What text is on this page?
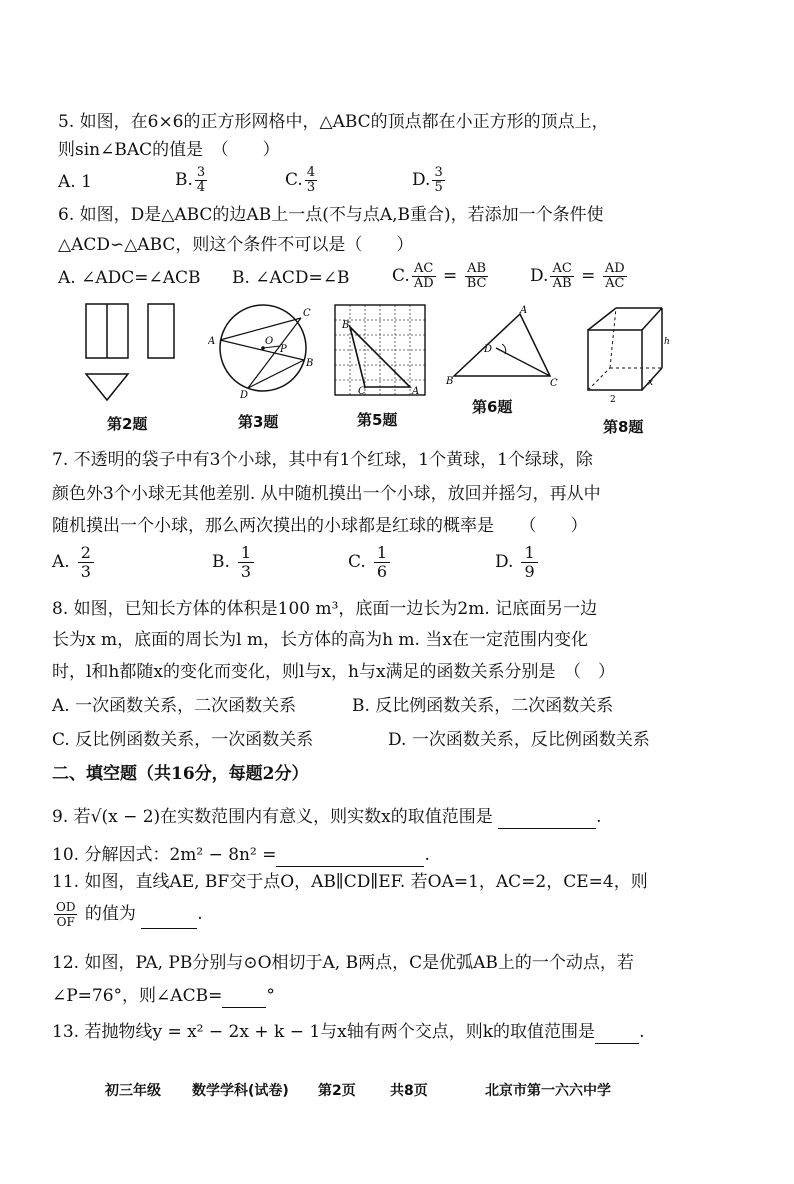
5. 如图，在6×6的正方形网格中，△ABC的顶点都在小正方形的顶点上，
则sin∠BAC的值是　（　　）
A. 1	B. $\frac{3}{4}$	C. $\frac{4}{3}$	D. $\frac{3}{5}$
6. 如图，D是△ABC的边AB上一点(不与点A,B重合)，若添加一个条件使
△ACD∽△ABC，则这个条件不可以是（　　）
A. ∠ADC=∠ACB B. ∠ACD=∠B	C. $\frac{AC}{AD} = \frac{AB}{BC} D$. $\frac{AC}{AB} = \frac{AD}{AC}$
第2题
A
C
B
D
O
P
第3题
B
C	A
第5题
A
B	C
D
第6题
h
x
2
第8题
7. 不透明的袋子中有3个小球，其中有1个红球，1个黄球，1个绿球，除
颜色外3个小球无其他差别. 从中随机摸出一个小球，放回并摇匀，再从中
随机摸出一个小球，那么两次摸出的小球都是红球的概率是　　（　　）
A. $\frac{2}{3}$	B. $\frac{1}{3}$	C. $\frac{1}{6}$	D. $\frac{1}{9}$
8. 如图，已知长方体的体积是100 m³，底面一边长为2m. 记底面另一边
长为x m，底面的周长为l m，长方体的高为h m. 当x在一定范围内变化
时，l和h都随x的变化而变化，则l与x，h与x满足的函数关系分别是　（　）
A. 一次函数关系，二次函数关系	B. 反比例函数关系，二次函数关系
C. 反比例函数关系，一次函数关系	D. 一次函数关系，反比例函数关系
二、填空题（共16分，每题2分）
9. 若√(x − 2)在实数范围内有意义，则实数x的取值范围是	.
10. 分解因式：2m² − 8n² =	.
11. 如图，直线AE, BF交于点O，AB∥CD∥EF. 若OA=1，AC=2，CE=4，则
$\frac{OD}{OF}$ 的值为	.
12. 如图，PA, PB分别与⊙O相切于A, B两点，C是优弧AB上的一个动点，若
∠P=76°，则∠ACB=	°
13. 若抛物线y = x² − 2x + k − 1与x轴有两个交点，则k的取值范围是	.
初三年级 数学学科(试卷) 第2页 共8页	北京市第一六六中学
